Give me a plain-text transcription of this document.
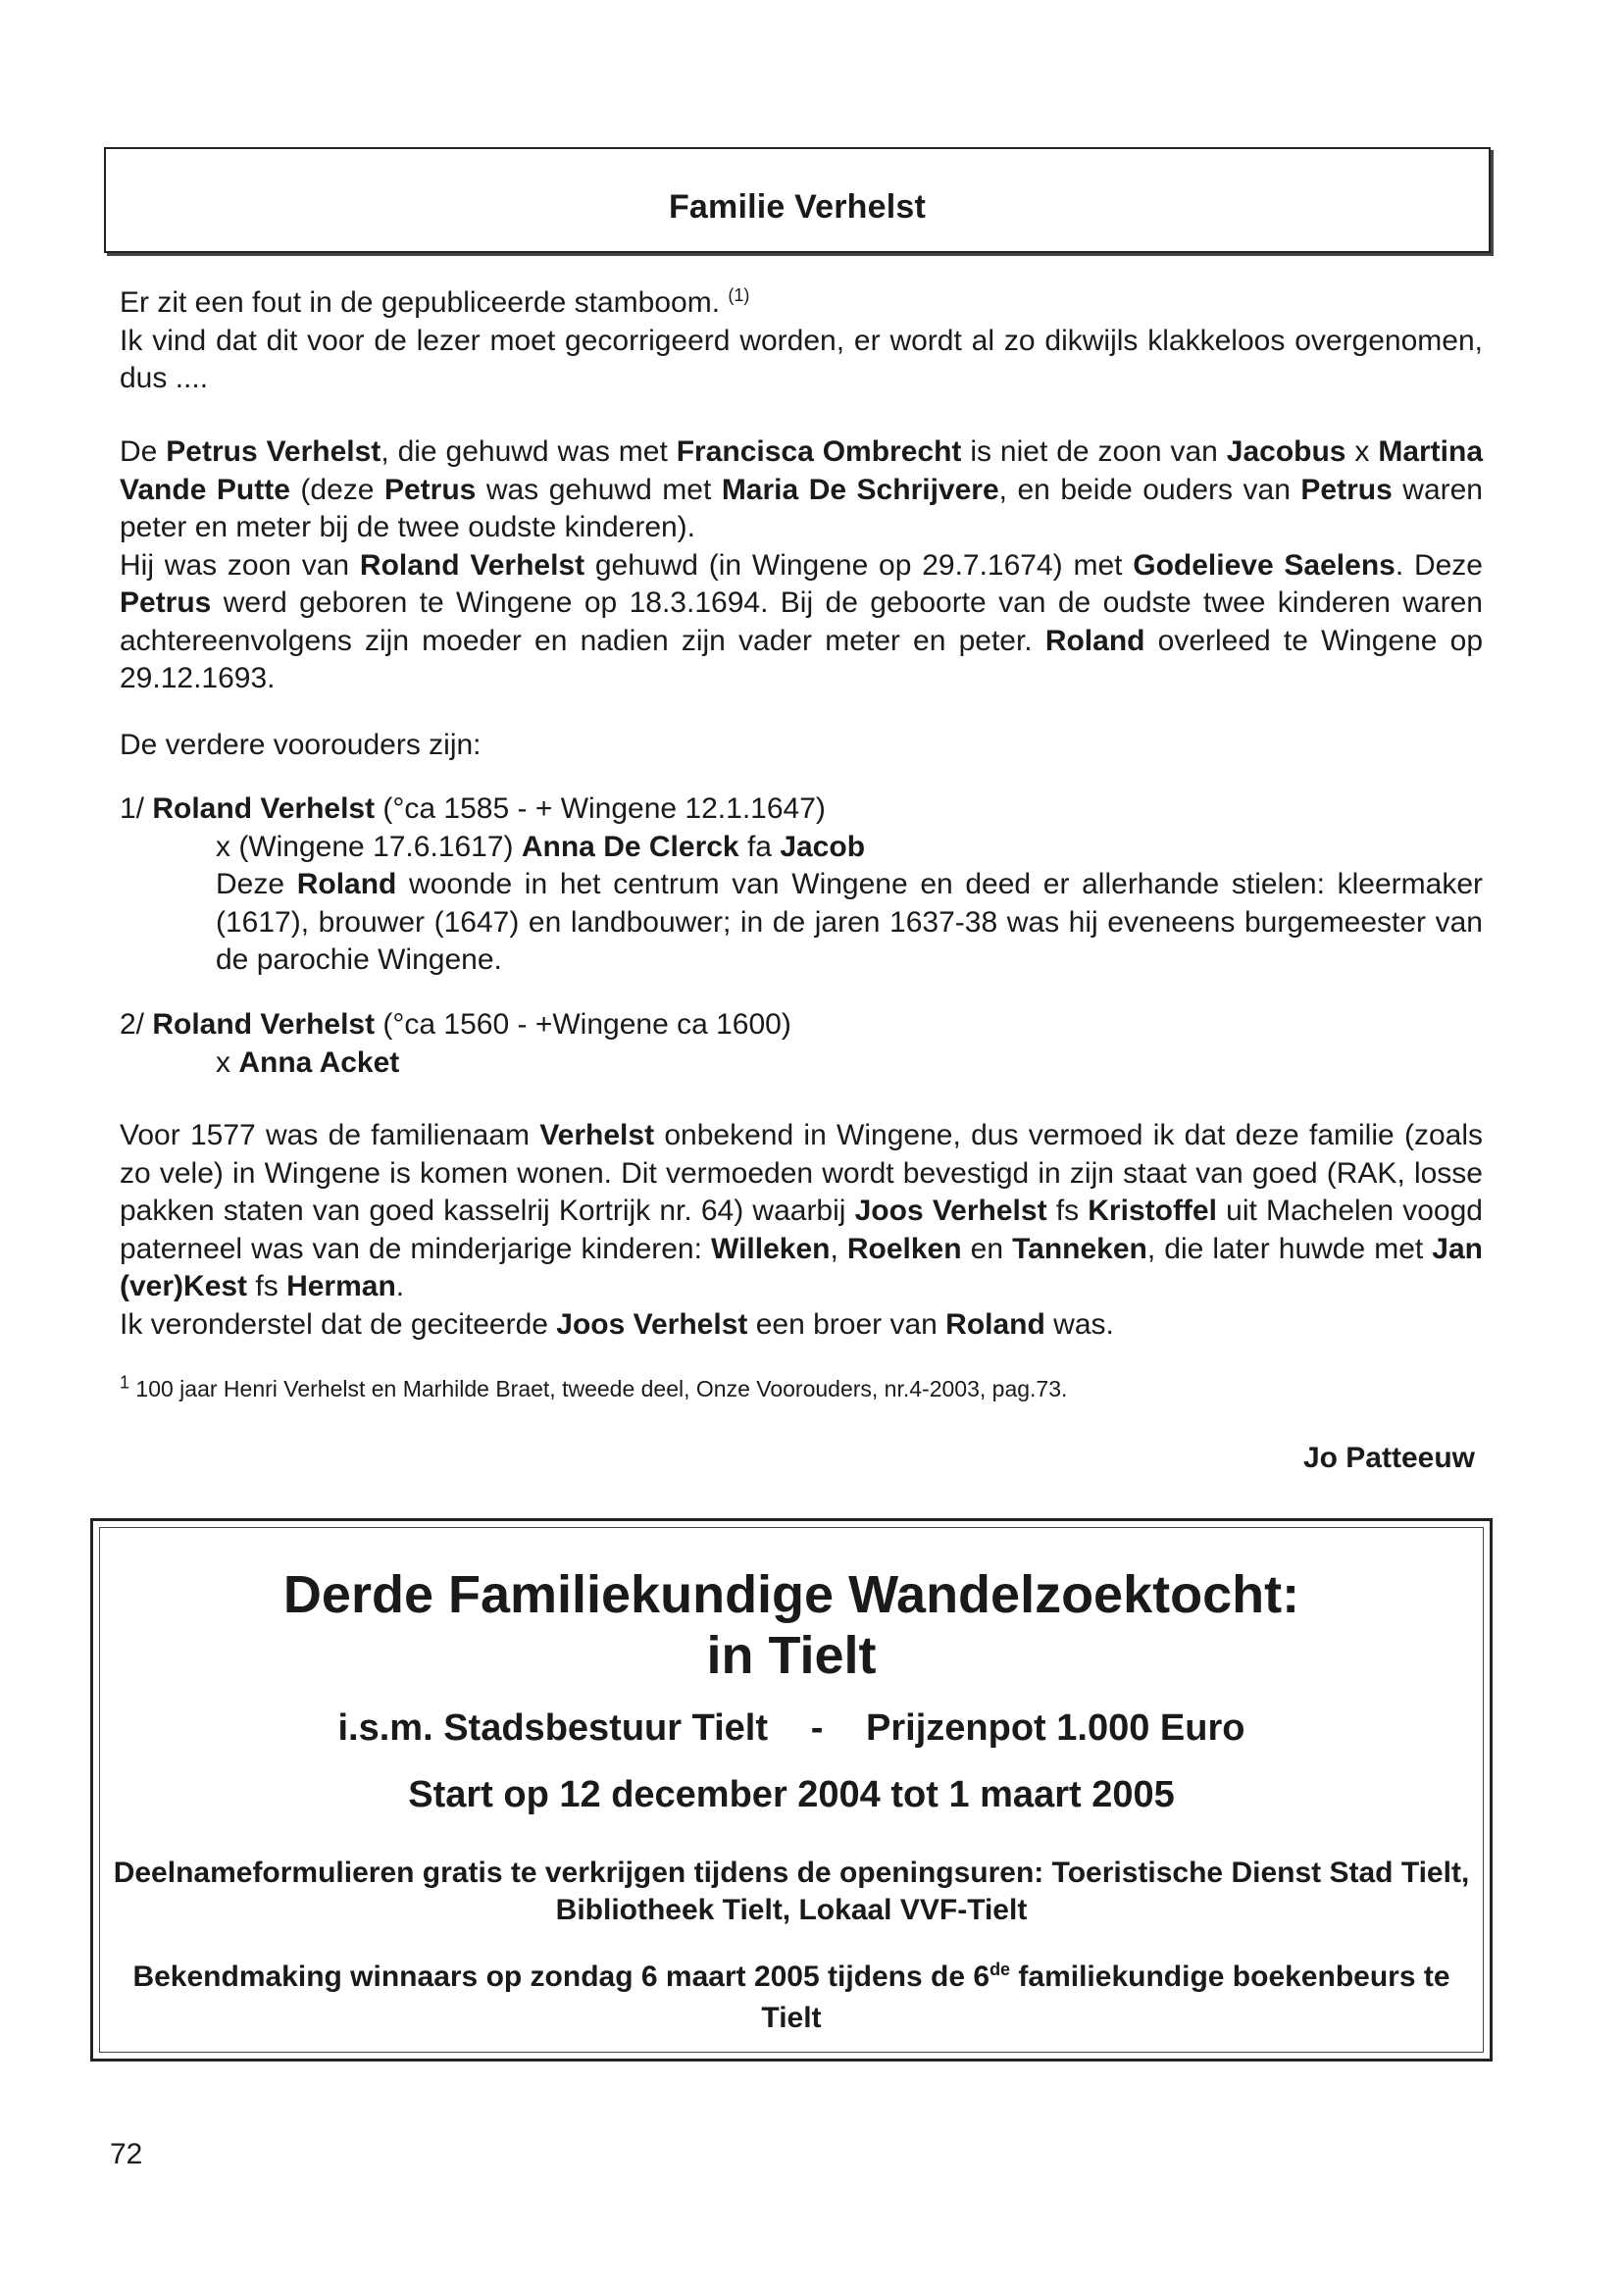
Familie Verhelst

Er zit een fout in de gepubliceerde stamboom. $^{(1)}$
Ik vind dat dit voor de lezer moet gecorrigeerd worden, er wordt al zo dikwijls klakkeloos overgenomen, dus ....

De Petrus Verhelst, die gehuwd was met Francisca Ombrecht is niet de zoon van Jacobus x Martina Vande Putte (deze Petrus was gehuwd met Maria De Schrijvere, en beide ouders van Petrus waren peter en meter bij de twee oudste kinderen).
Hij was zoon van Roland Verhelst gehuwd (in Wingene op 29.7.1674) met Godelieve Saelens. Deze Petrus werd geboren te Wingene op 18.3.1694. Bij de geboorte van de oudste twee kinderen waren achtereenvolgens zijn moeder en nadien zijn vader meter en peter. Roland overleed te Wingene op 29.12.1693.

De verdere voorouders zijn:

1/ Roland Verhelst (°ca 1585 - + Wingene 12.1.1647)

x (Wingene 17.6.1617) Anna De Clerck fa Jacob

Deze Roland woonde in het centrum van Wingene en deed er allerhande stielen: kleermaker (1617), brouwer (1647) en landbouwer; in de jaren 1637-38 was hij eveneens burgemeester van de parochie Wingene.

2/ Roland Verhelst (°ca 1560 - +Wingene ca 1600)

x Anna Acket

Voor 1577 was de familienaam Verhelst onbekend in Wingene, dus vermoed ik dat deze familie (zoals zo vele) in Wingene is komen wonen. Dit vermoeden wordt bevestigd in zijn staat van goed (RAK, losse pakken staten van goed kasselrij Kortrijk nr. 64) waarbij Joos Verhelst fs Kristoffel uit Machelen voogd paterneel was van de minderjarige kinderen: Willeken, Roelken en Tanneken, die later huwde met Jan (ver)Kest fs Herman.
Ik veronderstel dat de geciteerde Joos Verhelst een broer van Roland was.

$^1$ 100 jaar Henri Verhelst en Marhilde Braet, tweede deel, Onze Voorouders, nr.4-2003, pag.73.
Jo Patteeuw
Derde Familiekundige Wandelzoektocht:
in Tielt
i.s.m. Stadsbestuur Tielt - Prijzenpot 1.000 Euro
Start op 12 december 2004 tot 1 maart 2005
Deelnameformulieren gratis te verkrijgen tijdens de openingsuren: Toeristische Dienst Stad Tielt, Bibliotheek Tielt, Lokaal VVF-Tielt
Bekendmaking winnaars op zondag 6 maart 2005 tijdens de 6de familiekundige boekenbeurs te Tielt
72
